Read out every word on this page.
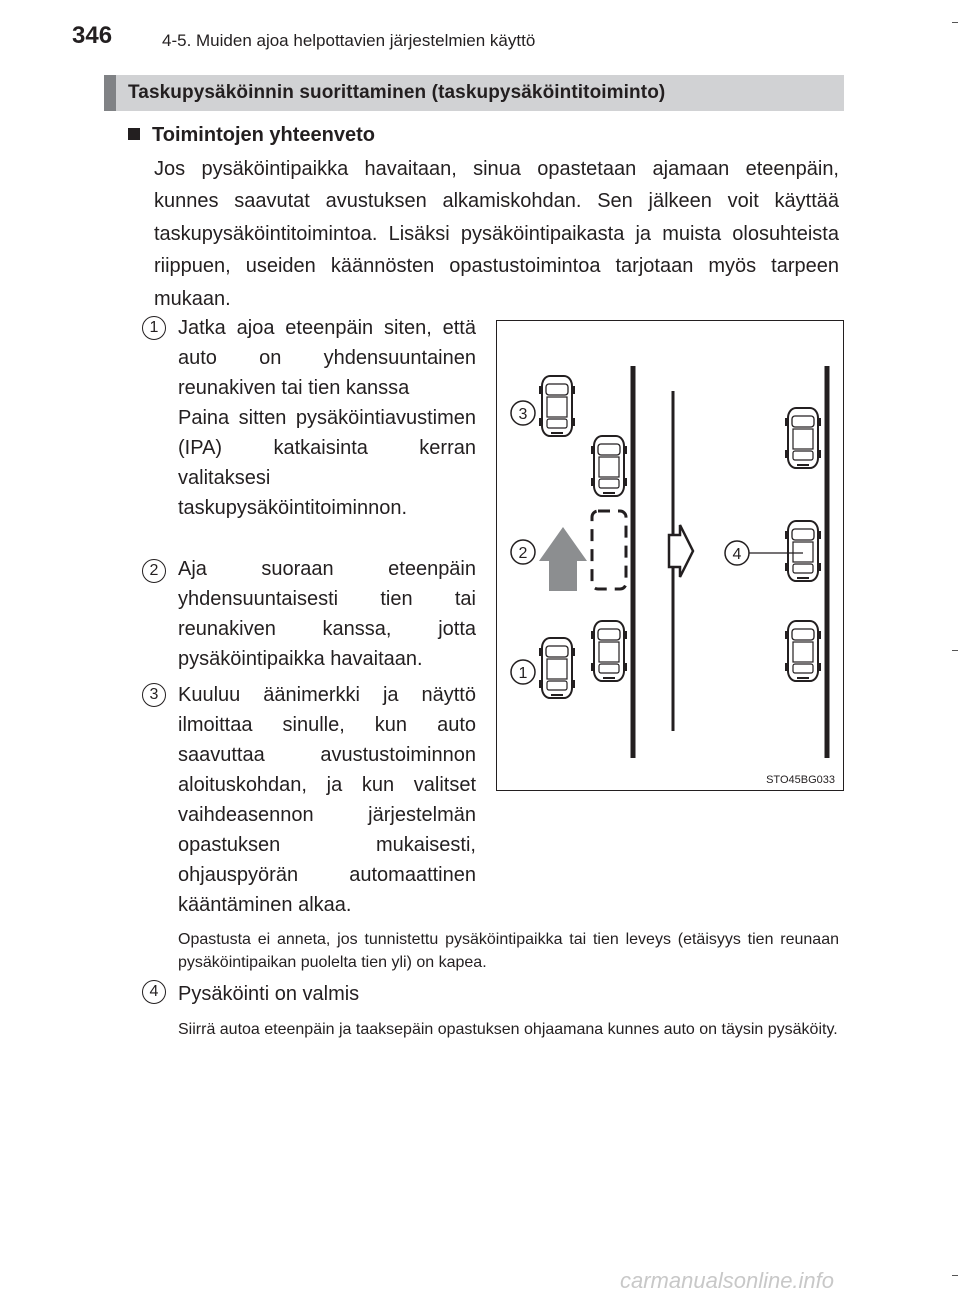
346	4-5. Muiden ajoa helpottavien järjestelmien käyttö
Taskupysäköinnin suorittaminen (taskupysäköintitoiminto)
Toimintojen yhteenveto
Jos pysäköintipaikka havaitaan, sinua opastetaan ajamaan eteenpäin, kunnes saavutat avustuksen alkamiskohdan. Sen jälkeen voit käyttää taskupysäköintitoimintoa. Lisäksi pysäköintipaikasta ja muista olosuhteista riippuen, useiden käännösten opastustoimintoa tarjotaan myös tarpeen mukaan.
1 Jatka ajoa eteenpäin siten, että auto on yhdensuuntainen reunakiven tai tien kanssa
Paina sitten pysäköintiavustimen (IPA) katkaisinta kerran valitaksesi taskupysäköintitoiminnon.
2 Aja suoraan eteenpäin yhdensuuntaisesti tien tai reunakiven kanssa, jotta pysäköintipaikka havaitaan.
3 Kuuluu äänimerkki ja näyttö ilmoittaa sinulle, kun auto saavuttaa avustustoiminnon aloituskohdan, ja kun valitset vaihdeasennon järjestelmän opastuksen mukaisesti, ohjauspyörän automaattinen kääntäminen alkaa.
Opastusta ei anneta, jos tunnistettu pysäköintipaikka tai tien leveys (etäisyys tien reunaan pysäköintipaikan puolelta tien yli) on kapea.
4 Pysäköinti on valmis
Siirrä autoa eteenpäin ja taaksepäin opastuksen ohjaamana kunnes auto on täysin pysäköity.
3
2
1
4
STO45BG033
carmanualsonline.info
